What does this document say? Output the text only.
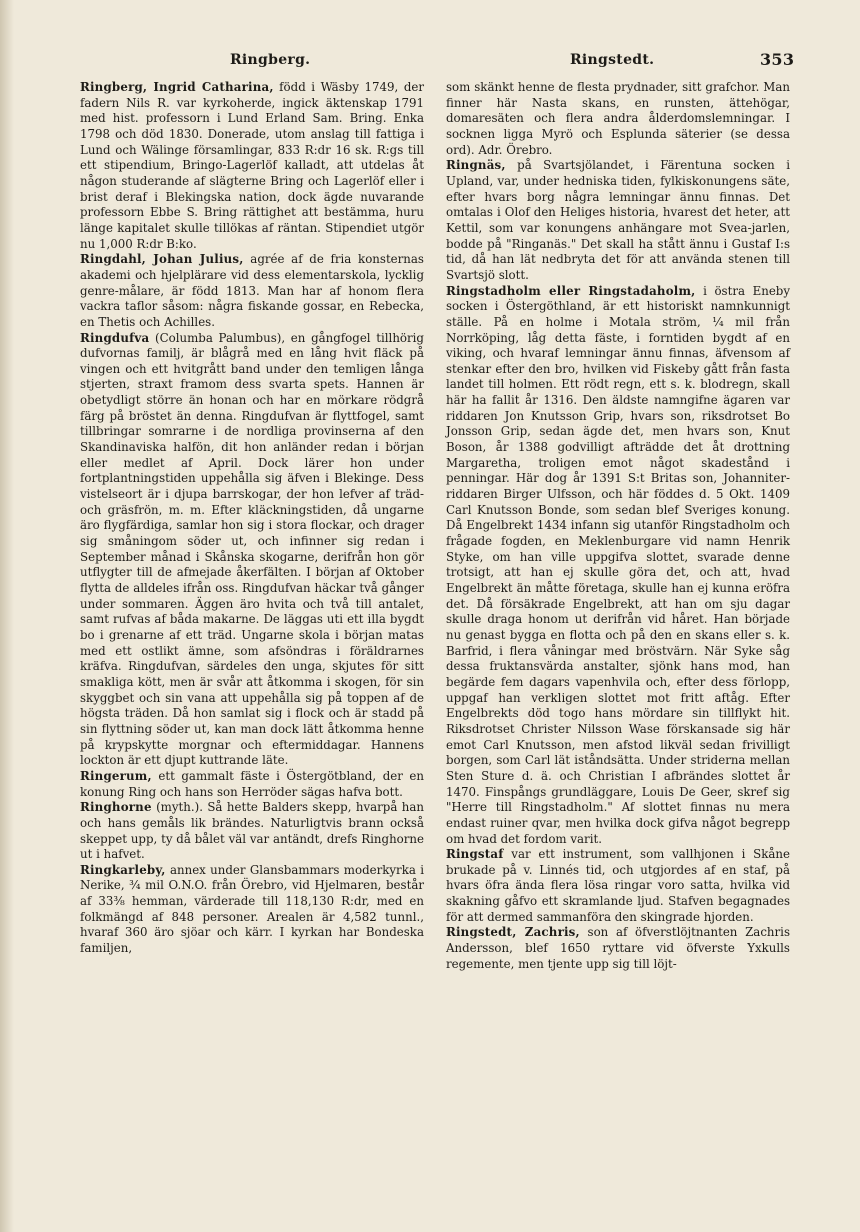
Ringberg.	Ringstedt.	353

Ringberg, Ingrid Catharina, född i Wäsby 1749, der fadern Nils R. var kyrkoherde, ingick äktenskap 1791 med hist. professorn i Lund Erland Sam. Bring. Enka 1798 och död 1830. Donerade, utom anslag till fattiga i Lund och Wälinge församlingar, 833 R:dr 16 sk. R:gs till ett stipendium, Bringo-Lagerlöf kalladt, att utdelas åt någon studerande af slägterne Bring och Lagerlöf eller i brist deraf i Blekingska nation, dock ägde nuvarande professorn Ebbe S. Bring rättighet att bestämma, huru länge kapitalet skulle tillökas af räntan. Stipendiet utgör nu 1,000 R:dr B:ko.

Ringdahl, Johan Julius, agrée af de fria konsternas akademi och hjelplärare vid dess elementarskola, lycklig genre-målare, är född 1813. Man har af honom flera vackra taflor såsom: några fiskande gossar, en Rebecka, en Thetis och Achilles.

Ringdufva (Columba Palumbus), en gångfogel tillhörig dufvornas familj, är blågrå med en lång hvit fläck på vingen och ett hvitgrått band under den temligen långa stjerten, straxt framom dess svarta spets. Hannen är obetydligt större än honan och har en mörkare rödgrå färg på bröstet än denna. Ringdufvan är flyttfogel, samt tillbringar somrarne i de nordliga provinserna af den Skandinaviska halfön, dit hon anländer redan i början eller medlet af April. Dock lärer hon under fortplantningstiden uppehålla sig äfven i Blekinge. Dess vistelseort är i djupa barrskogar, der hon lefver af träd- och gräsfrön, m. m. Efter kläckningstiden, då ungarne äro flygfärdiga, samlar hon sig i stora flockar, och drager sig småningom söder ut, och infinner sig redan i September månad i Skånska skogarne, derifrån hon gör utflygter till de afmejade åkerfälten. I början af Oktober flytta de alldeles ifrån oss. Ringdufvan häckar två gånger under sommaren. Äggen äro hvita och två till antalet, samt rufvas af båda makarne. De läggas uti ett illa bygdt bo i grenarne af ett träd. Ungarne skola i början matas med ett ostlikt ämne, som afsöndras i föräldrarnes kräfva. Ringdufvan, särdeles den unga, skjutes för sitt smakliga kött, men är svår att åtkomma i skogen, för sin skyggbet och sin vana att uppehålla sig på toppen af de högsta träden. Då hon samlat sig i flock och är stadd på sin flyttning söder ut, kan man dock lätt åtkomma henne på krypskytte morgnar och eftermiddagar. Hannens lockton är ett djupt kuttrande läte.

Ringerum, ett gammalt fäste i Östergötbland, der en konung Ring och hans son Herröder sägas hafva bott.

Ringhorne (myth.). Så hette Balders skepp, hvarpå han och hans gemåls lik brändes. Naturligtvis brann också skeppet upp, ty då bålet väl var antändt, drefs Ringhorne ut i hafvet.

Ringkarleby, annex under Glansbammars moderkyrka i Nerike, ¾ mil O.N.O. från Örebro, vid Hjelmaren, består af 33⅜ hemman, värderade till 118,130 R:dr, med en folkmängd af 848 personer. Arealen är 4,582 tunnl., hvaraf 360 äro sjöar och kärr. I kyrkan har Bondeska familjen,

som skänkt henne de flesta prydnader, sitt grafchor. Man finner här Nasta skans, en runsten, ättehögar, domaresäten och flera andra ålderdomslemningar. I socknen ligga Myrö och Esplunda säterier (se dessa ord). Adr. Örebro.

Ringnäs, på Svartsjölandet, i Färentuna socken i Upland, var, under hedniska tiden, fylkiskonungens säte, efter hvars borg några lemningar ännu finnas. Det omtalas i Olof den Heliges historia, hvarest det heter, att Kettil, som var konungens anhängare mot Svea-jarlen, bodde på "Ringanäs." Det skall ha stått ännu i Gustaf I:s tid, då han lät nedbryta det för att använda stenen till Svartsjö slott.

Ringstadholm eller Ringstadaholm, i östra Eneby socken i Östergöthland, är ett historiskt namnkunnigt ställe. På en holme i Motala ström, ¼ mil från Norrköping, låg detta fäste, i forntiden bygdt af en viking, och hvaraf lemningar ännu finnas, äfvensom af stenkar efter den bro, hvilken vid Fiskeby gått från fasta landet till holmen. Ett rödt regn, ett s. k. blodregn, skall här ha fallit år 1316. Den äldste namngifne ägaren var riddaren Jon Knutsson Grip, hvars son, riksdrotset Bo Jonsson Grip, sedan ägde det, men hvars son, Knut Boson, år 1388 godvilligt afträdde det åt drottning Margaretha, troligen emot något skadestånd i penningar. Här dog år 1391 S:t Britas son, Johanniter-riddaren Birger Ulfsson, och här föddes d. 5 Okt. 1409 Carl Knutsson Bonde, som sedan blef Sveriges konung. Då Engelbrekt 1434 infann sig utanför Ringstadholm och frågade fogden, en Meklenburgare vid namn Henrik Styke, om han ville uppgifva slottet, svarade denne trotsigt, att han ej skulle göra det, och att, hvad Engelbrekt än måtte företaga, skulle han ej kunna eröfra det. Då försäkrade Engelbrekt, att han om sju dagar skulle draga honom ut derifrån vid håret. Han började nu genast bygga en flotta och på den en skans eller s. k. Barfrid, i flera våningar med bröstvärn. När Syke såg dessa fruktansvärda anstalter, sjönk hans mod, han begärde fem dagars vapenhvila och, efter dess förlopp, uppgaf han verkligen slottet mot fritt aftåg. Efter Engelbrekts död togo hans mördare sin tillflykt hit. Riksdrotset Christer Nilsson Wase förskansade sig här emot Carl Knutsson, men afstod likväl sedan frivilligt borgen, som Carl lät iståndsätta. Under striderna mellan Sten Sture d. ä. och Christian I afbrändes slottet år 1470. Finspångs grundläggare, Louis De Geer, skref sig "Herre till Ringstadholm." Af slottet finnas nu mera endast ruiner qvar, men hvilka dock gifva något begrepp om hvad det fordom varit.

Ringstaf var ett instrument, som vallhjonen i Skåne brukade på v. Linnés tid, och utgjordes af en staf, på hvars öfra ända flera lösa ringar voro satta, hvilka vid skakning gåfvo ett skramlande ljud. Stafven begagnades för att dermed sammanföra den skingrade hjorden.

Ringstedt, Zachris, son af öfverstlöjtnanten Zachris Andersson, blef 1650 ryttare vid öfverste Yxkulls regemente, men tjente upp sig till löjt-
